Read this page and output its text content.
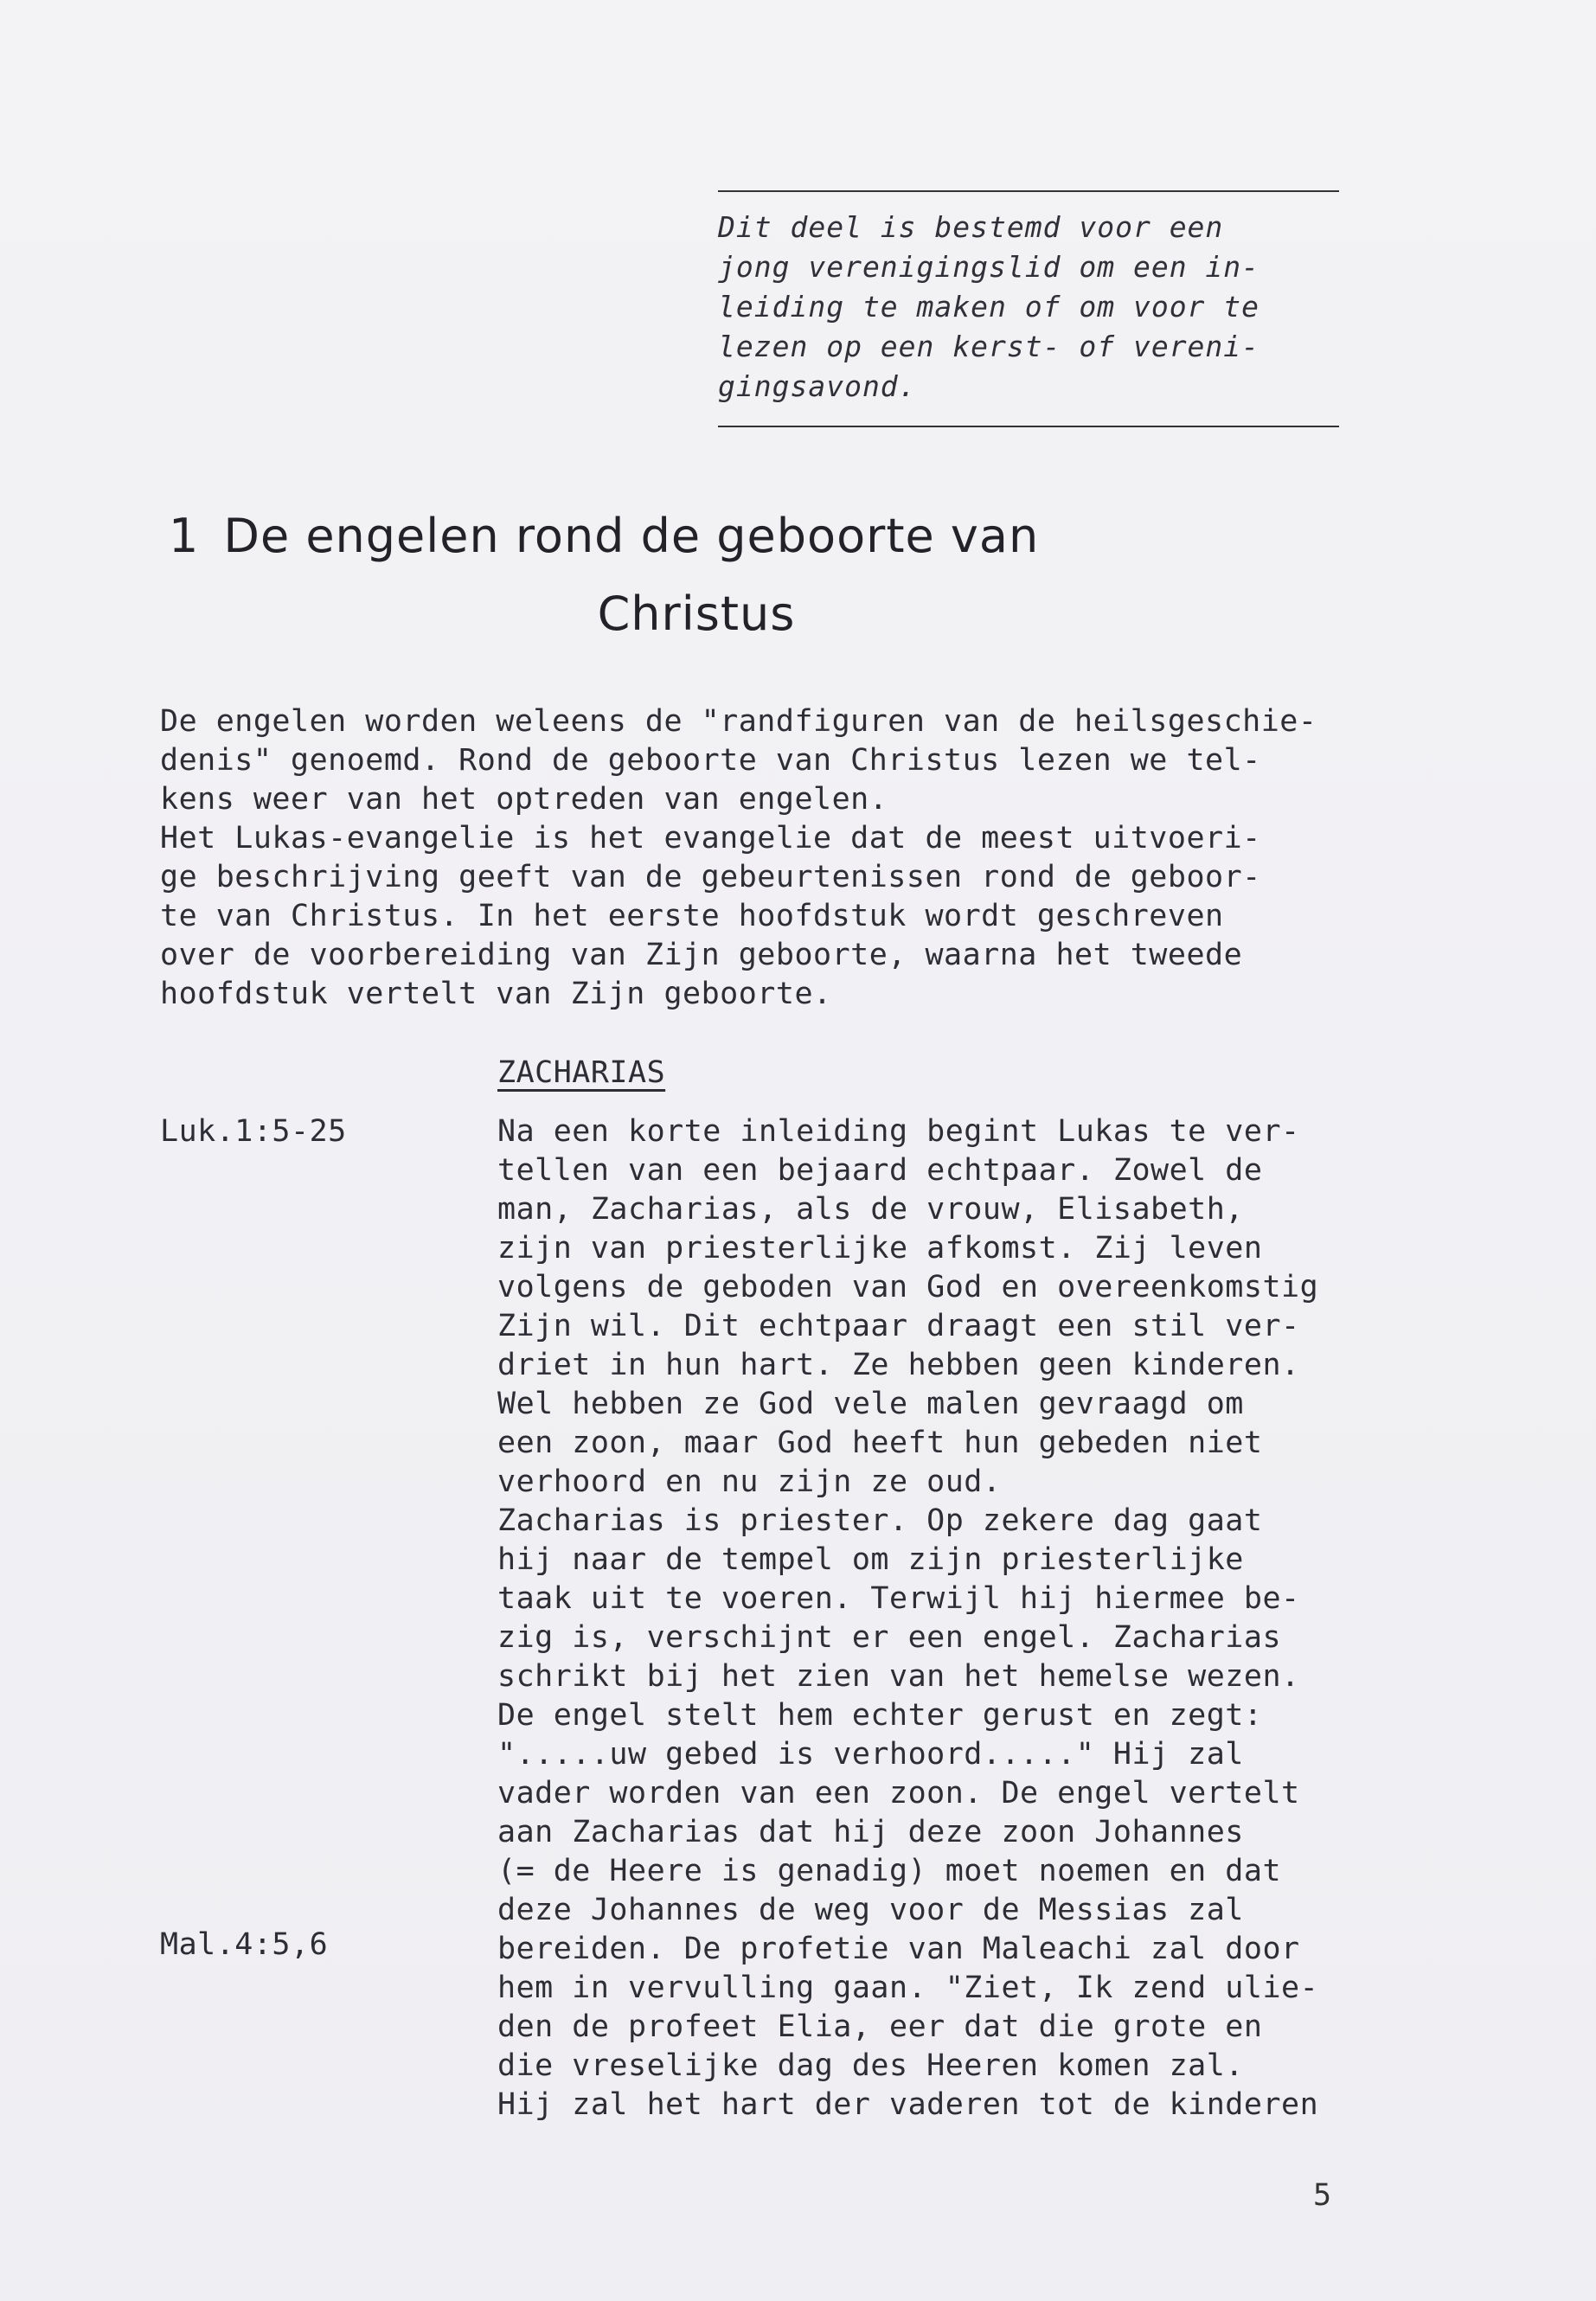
Dit deel is bestemd voor een
jong verenigingslid om een in-
leiding te maken of om voor te
lezen op een kerst- of vereni-
gingsavond.
1 De engelen rond de geboorte van
Christus
De engelen worden weleens de "randfiguren van de heilsgeschie-
denis" genoemd. Rond de geboorte van Christus lezen we tel-
kens weer van het optreden van engelen.
Het Lukas-evangelie is het evangelie dat de meest uitvoeri-
ge beschrijving geeft van de gebeurtenissen rond de geboor-
te van Christus. In het eerste hoofdstuk wordt geschreven
over de voorbereiding van Zijn geboorte, waarna het tweede
hoofdstuk vertelt van Zijn geboorte.
ZACHARIAS
Luk.1:5-25
Mal.4:5,6
Na een korte inleiding begint Lukas te ver-
tellen van een bejaard echtpaar. Zowel de
man, Zacharias, als de vrouw, Elisabeth,
zijn van priesterlijke afkomst. Zij leven
volgens de geboden van God en overeenkomstig
Zijn wil. Dit echtpaar draagt een stil ver-
driet in hun hart. Ze hebben geen kinderen.
Wel hebben ze God vele malen gevraagd om
een zoon, maar God heeft hun gebeden niet
verhoord en nu zijn ze oud.
Zacharias is priester. Op zekere dag gaat
hij naar de tempel om zijn priesterlijke
taak uit te voeren. Terwijl hij hiermee be-
zig is, verschijnt er een engel. Zacharias
schrikt bij het zien van het hemelse wezen.
De engel stelt hem echter gerust en zegt:
".....uw gebed is verhoord....." Hij zal
vader worden van een zoon. De engel vertelt
aan Zacharias dat hij deze zoon Johannes
(= de Heere is genadig) moet noemen en dat
deze Johannes de weg voor de Messias zal
bereiden. De profetie van Maleachi zal door
hem in vervulling gaan. "Ziet, Ik zend ulie-
den de profeet Elia, eer dat die grote en
die vreselijke dag des Heeren komen zal.
Hij zal het hart der vaderen tot de kinderen
5
